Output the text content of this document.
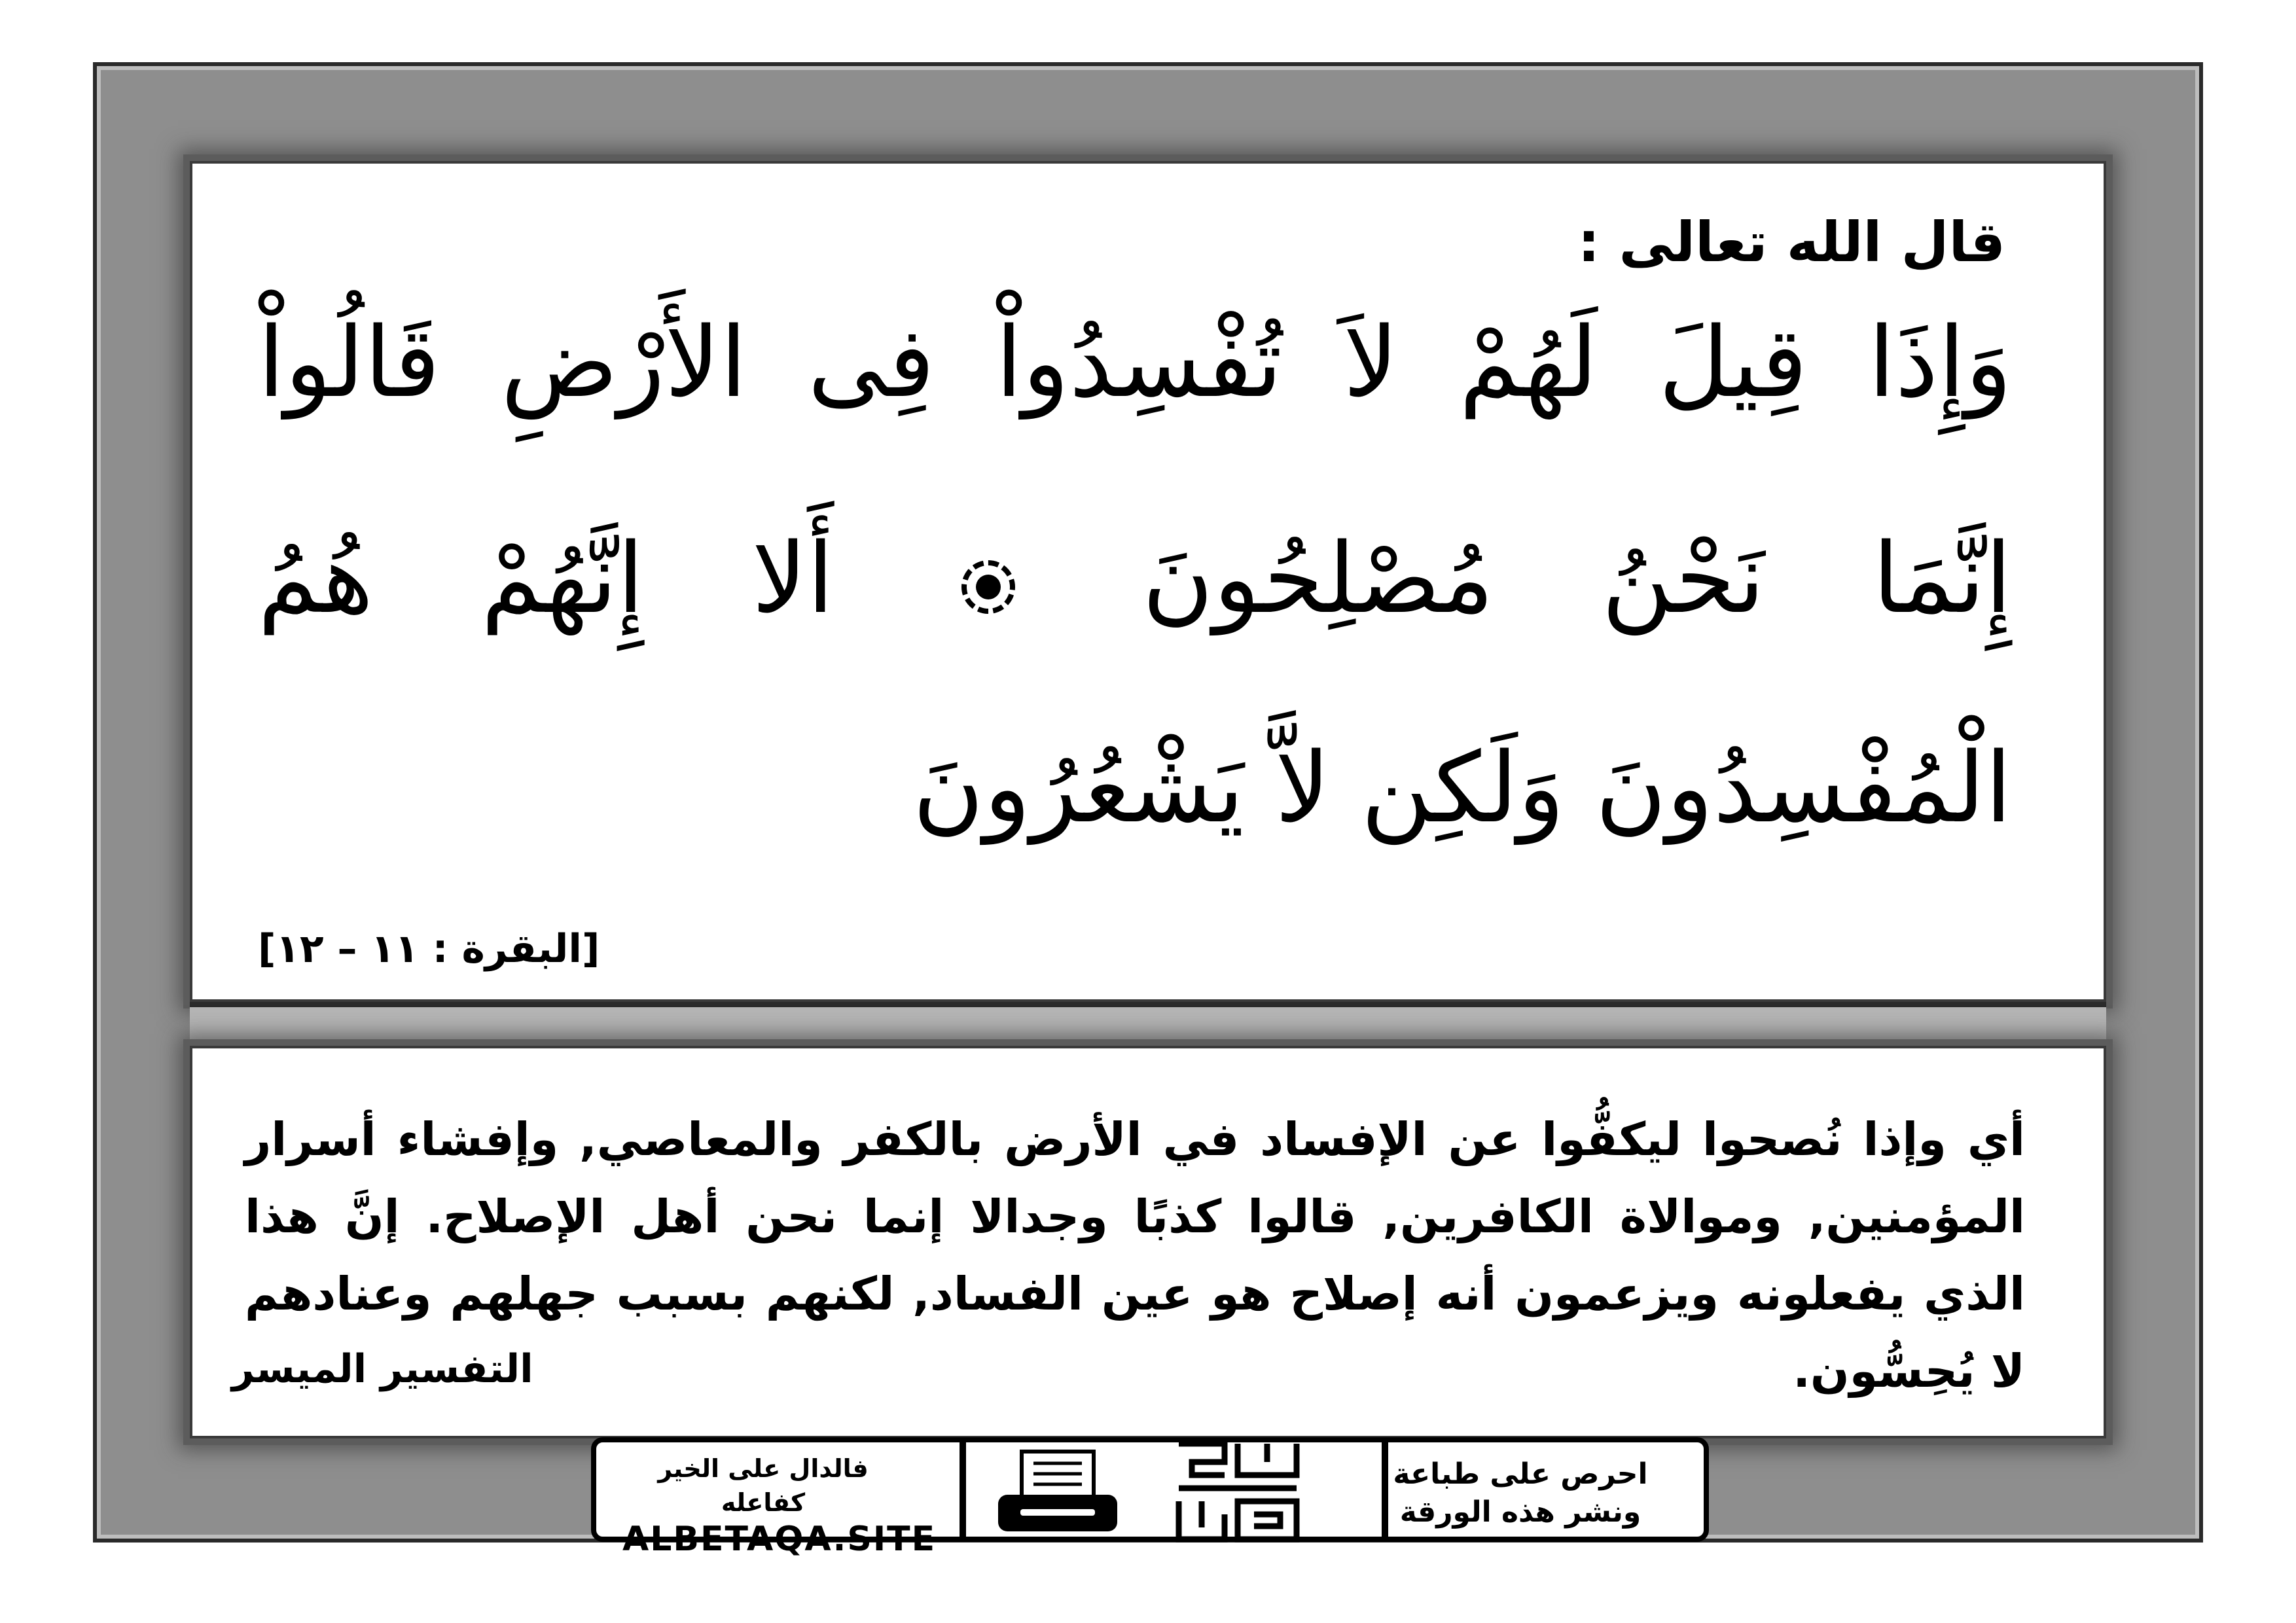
قال الله تعالى :
وَإِذَا قِيلَ لَهُمْ لاَ تُفْسِدُواْ فِى الأَرْضِ قَالُواْ
إِنَّمَا نَحْنُ مُصْلِحُونَ  أَلا إِنَّهُمْ هُمُ
الْمُفْسِدُونَ وَلَكِن لاَّ يَشْعُرُونَ
[البقرة : ١١ – ١٢]
أي وإذا نُصحوا ليكفُّوا عن الإفساد في الأرض بالكفر والمعاصي, وإفشاء أسرار المؤمنين, وموالاة الكافرين, قالوا كذبًا وجدالا إنما نحن أهل الإصلاح. إنَّ هذا الذي يفعلونه ويزعمون أنه إصلاح هو عين الفساد, لكنهم بسبب جهلهم وعنادهم لا يُحِسُّون.
التفسير الميسر
فالدال على الخير كفاعله
ALBETAQA.SITE
احرص على طباعة
ونشر هذه الورقة
